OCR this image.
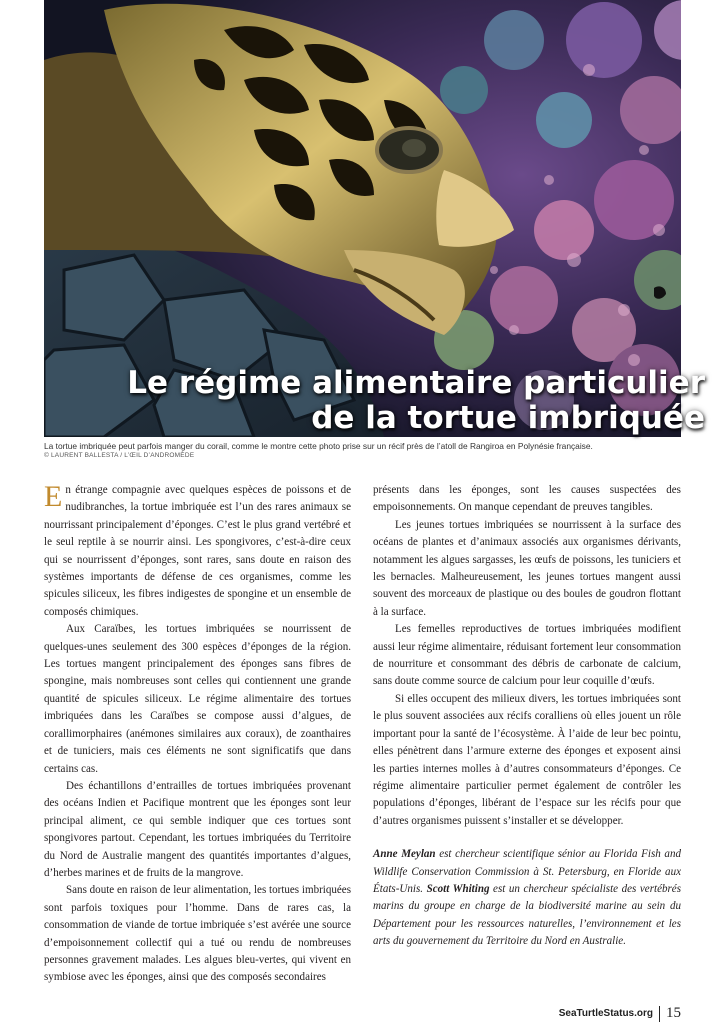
Le régime alimentaire particulier
de la tortue imbriquée
La tortue imbriquée peut parfois manger du corail, comme le montre cette photo prise sur un récif près de l’atoll de Rangiroa en Polynésie française.
© LAURENT BALLESTA / L’ŒIL D’ANDROMÈDE

En étrange compagnie avec quelques espèces de poissons et de nudibranches, la tortue imbriquée est l’un des rares animaux se nourrissant principalement d’éponges. C’est le plus grand vertébré et le seul reptile à se nourrir ainsi. Les spongivores, c’est-à-dire ceux qui se nourrissent d’éponges, sont rares, sans doute en raison des systèmes importants de défense de ces organismes, comme les spicules siliceux, les fibres indigestes de spongine et un ensemble de composés chimiques.

Aux Caraïbes, les tortues imbriquées se nourrissent de quelques-unes seulement des 300 espèces d’éponges de la région. Les tortues mangent principalement des éponges sans fibres de spongine, mais nombreuses sont celles qui contiennent une grande quantité de spicules siliceux. Le régime alimentaire des tortues imbriquées dans les Caraïbes se compose aussi d’algues, de corallimorphaires (anémones similaires aux coraux), de zoanthaires et de tuniciers, mais ces éléments ne sont significatifs que dans certains cas.

Des échantillons d’entrailles de tortues imbriquées provenant des océans Indien et Pacifique montrent que les éponges sont leur principal aliment, ce qui semble indiquer que ces tortues sont spongivores partout. Cependant, les tortues imbriquées du Territoire du Nord de Australie mangent des quantités importantes d’algues, d’herbes marines et de fruits de la mangrove.

Sans doute en raison de leur alimentation, les tortues imbriquées sont parfois toxiques pour l’homme. Dans de rares cas, la consommation de viande de tortue imbriquée s’est avérée une source d’empoisonnement collectif qui a tué ou rendu de nombreuses personnes gravement malades. Les algues bleu-vertes, qui vivent en symbiose avec les éponges, ainsi que des composés secondaires

présents dans les éponges, sont les causes suspectées des empoisonnements. On manque cependant de preuves tangibles.

Les jeunes tortues imbriquées se nourrissent à la surface des océans de plantes et d’animaux associés aux organismes dérivants, notamment les algues sargasses, les œufs de poissons, les tuniciers et les bernacles. Malheureusement, les jeunes tortues mangent aussi souvent des morceaux de plastique ou des boules de goudron flottant à la surface.

Les femelles reproductives de tortues imbriquées modifient aussi leur régime alimentaire, réduisant fortement leur consommation de nourriture et consommant des débris de carbonate de calcium, sans doute comme source de calcium pour leur coquille d’œufs.

Si elles occupent des milieux divers, les tortues imbriquées sont le plus souvent associées aux récifs coralliens où elles jouent un rôle important pour la santé de l’écosystème. À l’aide de leur bec pointu, elles pénètrent dans l’armure externe des éponges et exposent ainsi les parties internes molles à d’autres consommateurs d’éponges. Ce régime alimentaire particulier permet également de contrôler les populations d’éponges, libérant de l’espace sur les récifs pour que d’autres organismes puissent s’installer et se développer.

Anne Meylan est chercheur scientifique sénior au Florida Fish and Wildlife Conservation Commission à St. Petersburg, en Floride aux États-Unis. Scott Whiting est un chercheur spécialiste des vertébrés marins du groupe en charge de la biodiversité marine au sein du Département pour les ressources naturelles, l’environnement et les arts du gouvernement du Territoire du Nord en Australie.

SeaTurtleStatus.org 15
